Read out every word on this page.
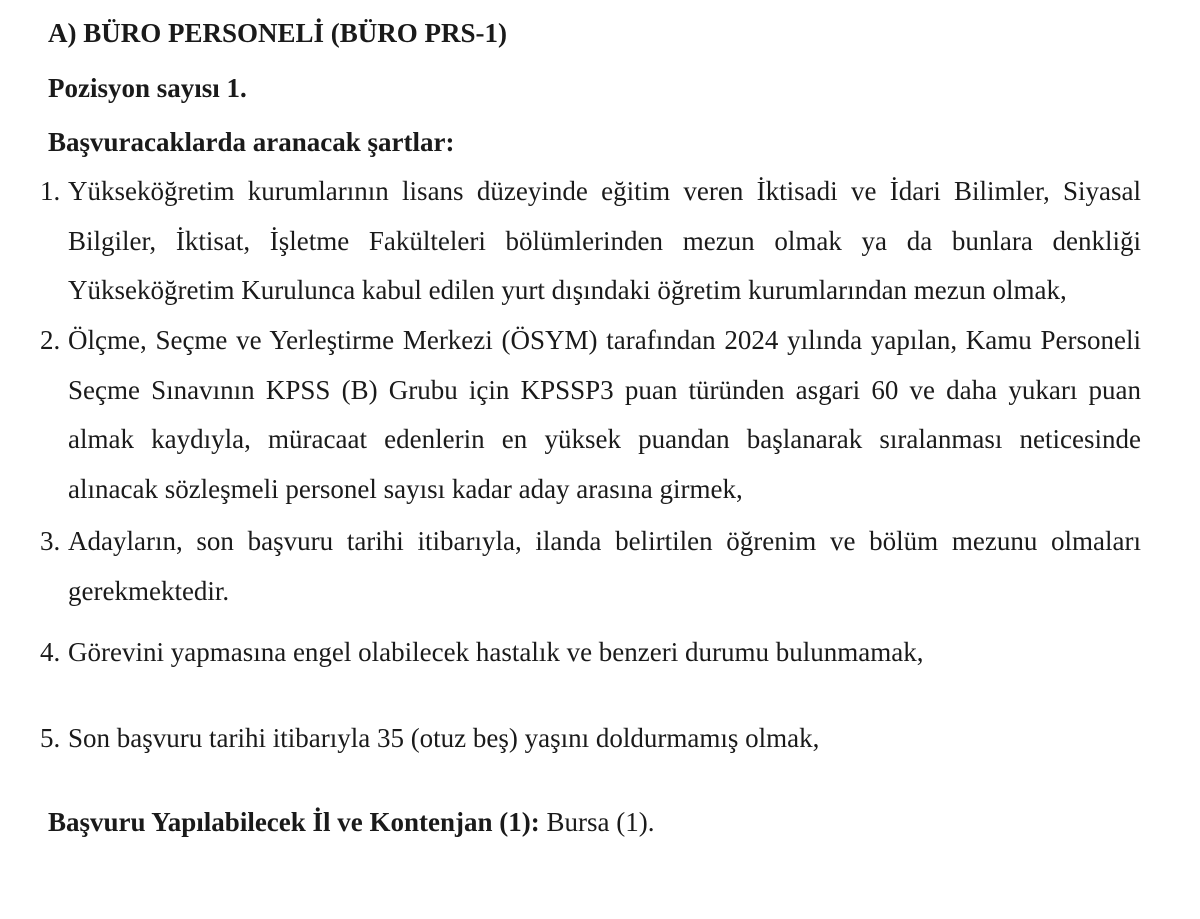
A) BÜRO PERSONELİ (BÜRO PRS-1)
Pozisyon sayısı 1.
Başvuracaklarda aranacak şartlar:
1. Yükseköğretim kurumlarının lisans düzeyinde eğitim veren İktisadi ve İdari Bilimler, Siyasal Bilgiler, İktisat, İşletme Fakülteleri bölümlerinden mezun olmak ya da bunlara denkliği Yükseköğretim Kurulunca kabul edilen yurt dışındaki öğretim kurumlarından mezun olmak,
2. Ölçme, Seçme ve Yerleştirme Merkezi (ÖSYM) tarafından 2024 yılında yapılan, Kamu Personeli Seçme Sınavının KPSS (B) Grubu için KPSSP3 puan türünden asgari 60 ve daha yukarı puan almak kaydıyla, müracaat edenlerin en yüksek puandan başlanarak sıralanması neticesinde alınacak sözleşmeli personel sayısı kadar aday arasına girmek,
3. Adayların, son başvuru tarihi itibarıyla, ilanda belirtilen öğrenim ve bölüm mezunu olmaları gerekmektedir.
4. Görevini yapmasına engel olabilecek hastalık ve benzeri durumu bulunmamak,
5. Son başvuru tarihi itibarıyla 35 (otuz beş) yaşını doldurmamış olmak,
Başvuru Yapılabilecek İl ve Kontenjan (1): Bursa (1).
